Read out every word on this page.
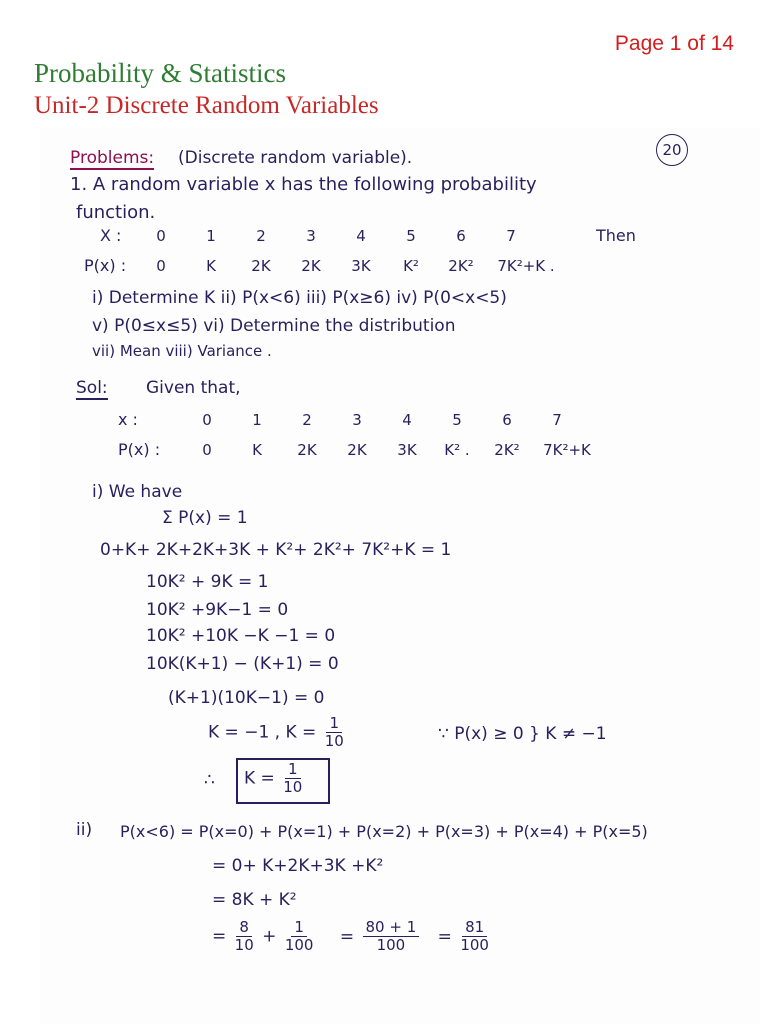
Page 1 of 14
Probability & Statistics
Unit-2 Discrete Random Variables
20
Problems: (Discrete random variable).
1. A random variable x has the following probability
function.
X :	0	1	2	3	4	5	6	7	Then
P(x) :	0	K	2K	2K	3K	K²	2K²	7K²+K .
i) Determine K ii) P(x<6) iii) P(x≥6) iv) P(0<x<5)
v) P(0≤x≤5) vi) Determine the distribution
vii) Mean viii) Variance .
Sol: Given that,
x :	0	1	2	3	4	5	6	7
P(x) :	0	K	2K	2K	3K	K² .	2K²	7K²+K
i) We have
Σ P(x) = 1
0+K+ 2K+2K+3K + K²+ 2K²+ 7K²+K = 1
10K² + 9K = 1
10K² +9K−1 = 0
10K² +10K −K −1 = 0
10K(K+1) − (K+1) = 0
(K+1)(10K−1) = 0
K = −1 , $K = \frac{1}{10}$	∵ P(x) ≥ 0 } K ≠ −1
∴ $K = \frac{1}{10}$
ii) P(x<6) = P(x=0) + P(x=1) + P(x=2) + P(x=3) + P(x=4) + P(x=5)
= 0+ K+2K+3K +K²
= 8K + K²
= $\frac{8}{10} + \frac{1}{100} = \frac{80 + 1}{100} = \frac{81}{100}$
